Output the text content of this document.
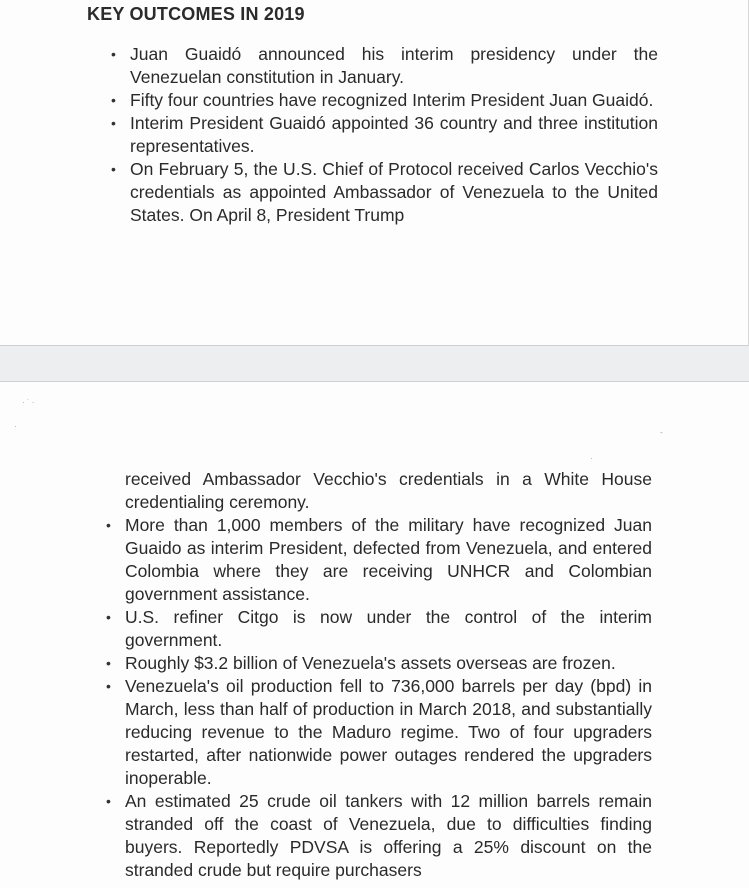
KEY OUTCOMES IN 2019
• Juan Guaidó announced his interim presidency under the Venezuelan constitution in January.
• Fifty four countries have recognized Interim President Juan Guaidó.
• Interim President Guaidó appointed 36 country and three institution representatives.
• On February 5, the U.S. Chief of Protocol received Carlos Vecchio's credentials as appointed Ambassador of Venezuela to the United States. On April 8, President Trump
· ˙ ·
·
-
·

received Ambassador Vecchio's credentials in a White House credentialing ceremony.

• More than 1,000 members of the military have recognized Juan Guaido as interim President, defected from Venezuela, and entered Colombia where they are receiving UNHCR and Colombian government assistance.
• U.S. refiner Citgo is now under the control of the interim government.
• Roughly $3.2 billion of Venezuela's assets overseas are frozen.
• Venezuela's oil production fell to 736,000 barrels per day (bpd) in March, less than half of production in March 2018, and substantially reducing revenue to the Maduro regime. Two of four upgraders restarted, after nationwide power outages rendered the upgraders inoperable.
• An estimated 25 crude oil tankers with 12 million barrels remain stranded off the coast of Venezuela, due to difficulties finding buyers. Reportedly PDVSA is offering a 25% discount on the stranded crude but require purchasers
